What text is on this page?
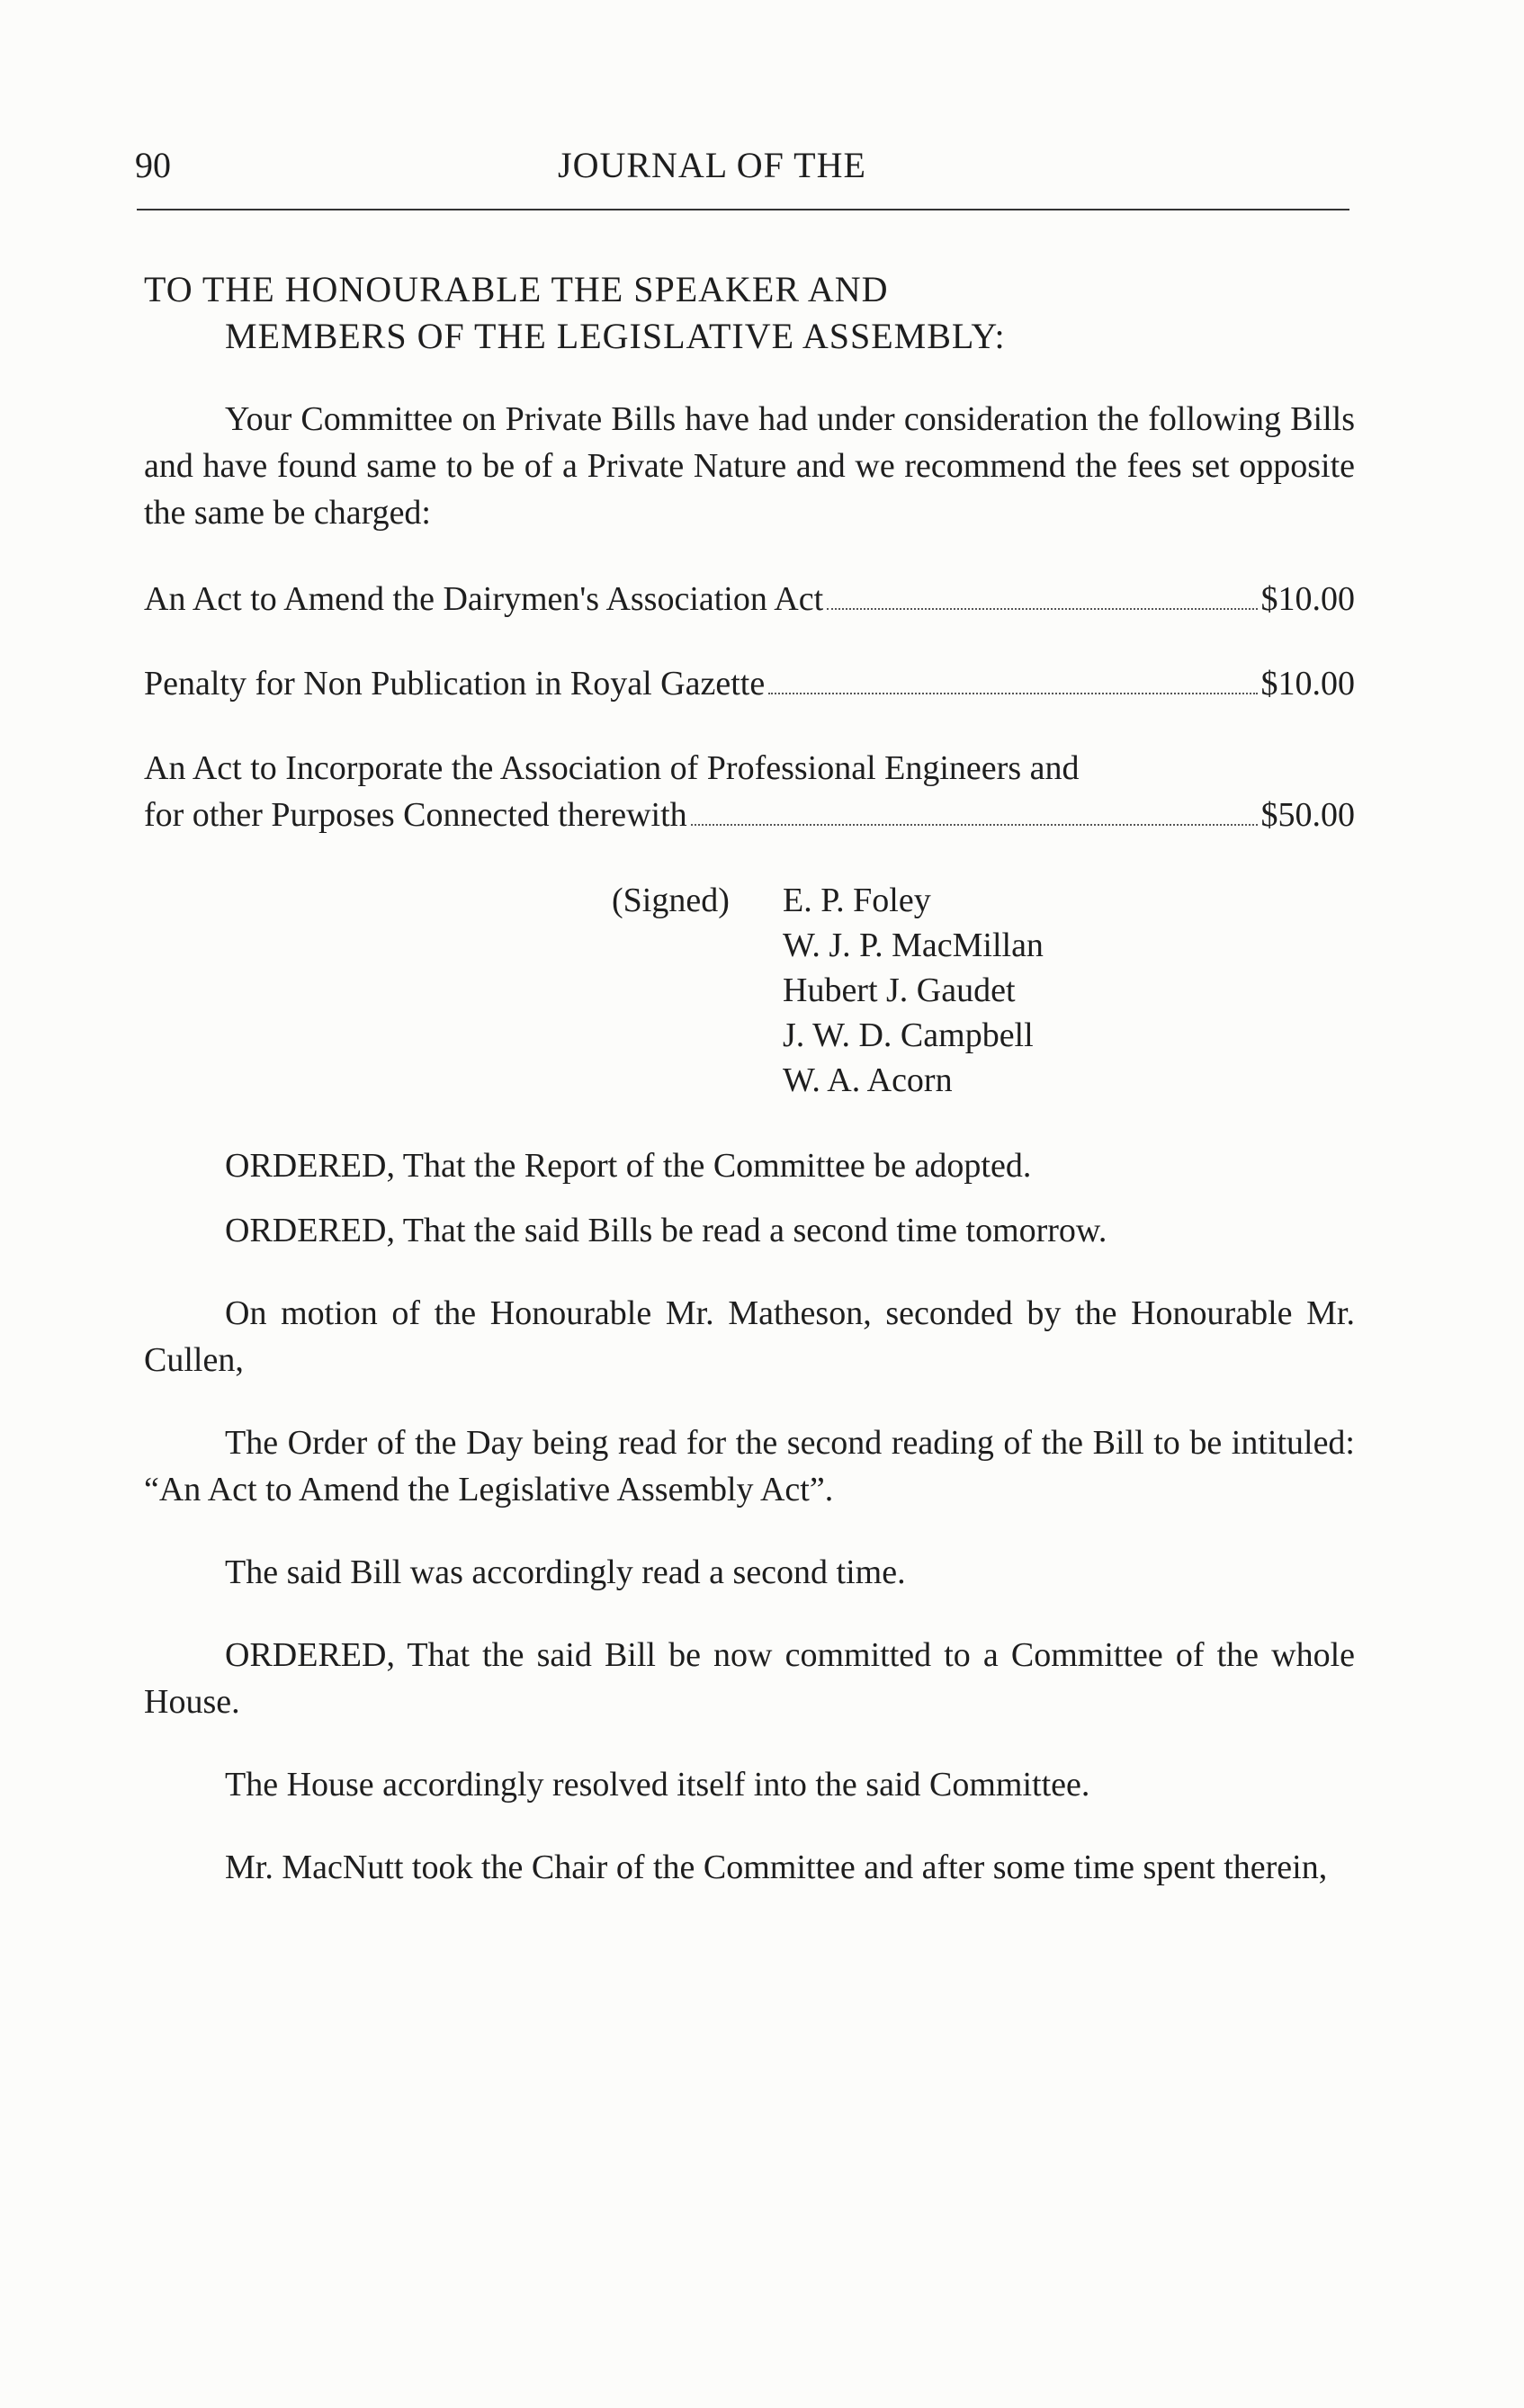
90	JOURNAL OF THE

TO THE HONOURABLE THE SPEAKER AND
MEMBERS OF THE LEGISLATIVE ASSEMBLY:

Your Committee on Private Bills have had under consideration the following Bills and have found same to be of a Private Nature and we recommend the fees set opposite the same be charged:

An Act to Amend the Dairymen's Association Act	$10.00
Penalty for Non Publication in Royal Gazette	$10.00
An Act to Incorporate the Association of Professional Engineers and
for other Purposes Connected therewith	$50.00
(Signed)	E. P. Foley
W. J. P. MacMillan
Hubert J. Gaudet
J. W. D. Campbell
W. A. Acorn

ORDERED, That the Report of the Committee be adopted.

ORDERED, That the said Bills be read a second time tomorrow.

On motion of the Honourable Mr. Matheson, seconded by the Honourable Mr. Cullen,

The Order of the Day being read for the second reading of the Bill to be intituled: “An Act to Amend the Legislative Assembly Act”.

The said Bill was accordingly read a second time.

ORDERED, That the said Bill be now committed to a Committee of the whole House.

The House accordingly resolved itself into the said Committee.

Mr. MacNutt took the Chair of the Committee and after some time spent therein,
